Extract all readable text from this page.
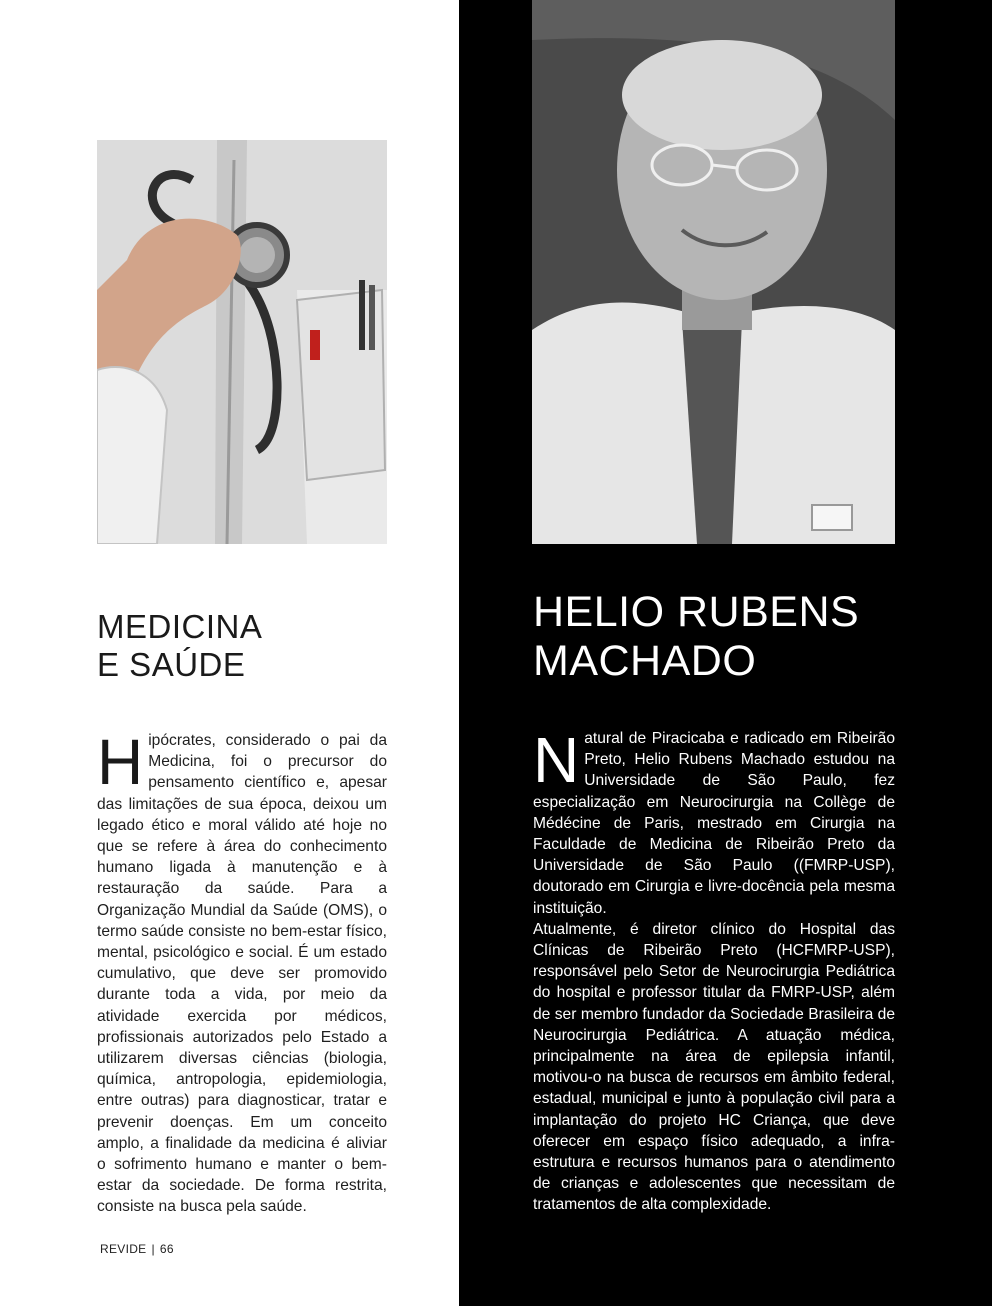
MEDICINA
E SAÚDE
HELIO RUBENS
MACHADO
H ipócrates, considerado o pai da Medicina, foi o precursor do pensamento científico e, apesar das limitações de sua época, deixou um legado ético e moral válido até hoje no que se refere à área do conhecimento humano ligada à manutenção e à restauração da saúde. Para a Organização Mundial da Saúde (OMS), o termo saúde consiste no bem-estar físico, mental, psicológico e social. É um estado cumulativo, que deve ser promovido durante toda a vida, por meio da atividade exercida por médicos, profissionais autorizados pelo Estado a utilizarem diversas ciências (biologia, química, antropologia, epidemiologia, entre outras) para diagnosticar, tratar e prevenir doenças. Em um conceito amplo, a finalidade da medicina é aliviar o sofrimento humano e manter o bem-estar da sociedade. De forma restrita, consiste na busca pela saúde.

N atural de Piracicaba e radicado em Ribeirão Preto, Helio Rubens Machado estudou na Universidade de São Paulo, fez especialização em Neurocirurgia na Collège de Médécine de Paris, mestrado em Cirurgia na Faculdade de Medicina de Ribeirão Preto da Universidade de São Paulo ((FMRP-USP), doutorado em Cirurgia e livre-docência pela mesma instituição.

Atualmente, é diretor clínico do Hospital das Clínicas de Ribeirão Preto (HCFMRP-USP), responsável pelo Setor de Neurocirurgia Pediátrica do hospital e professor titular da FMRP-USP, além de ser membro fundador da Sociedade Brasileira de Neurocirurgia Pediátrica. A atuação médica, principalmente na área de epilepsia infantil, motivou-o na busca de recursos em âmbito federal, estadual, municipal e junto à população civil para a implantação do projeto HC Criança, que deve oferecer em espaço físico adequado, a infra-estrutura e recursos humanos para o atendimento de crianças e adolescentes que necessitam de tratamentos de alta complexidade.

REVIDE | 66
